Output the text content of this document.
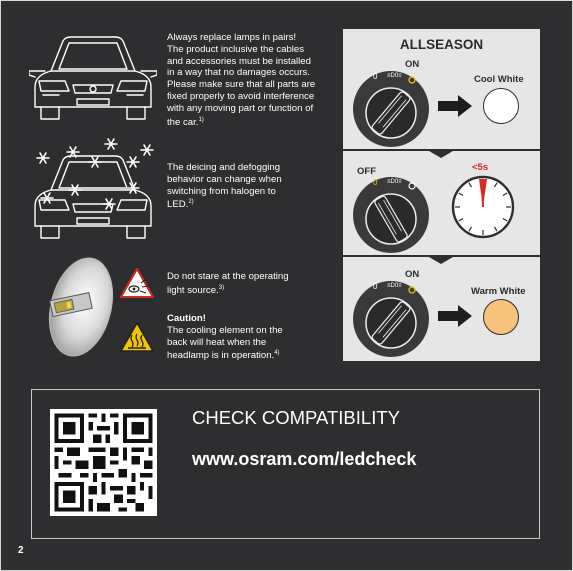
Always replace lamps in pairs!
The product inclusive the cables
and accessories must be installed
in a way that no damages occurs.
Please make sure that all parts are
fixed properly to avoid interference
with any moving part or function of
the car.$^{1)}$
The deicing and defogging
behavior can change when
switching from halogen to
LED.$^{2)}$
Do not stare at the operating
light source.$^{3)}$
Caution!
The cooling element on the
back will heat when the
headlamp is in operation.$^{4)}$
ALLSEASON
ON
0 ≡D0≡	Cool White
OFF
0 ≡D0≡
<5s
ON
0 ≡D0≡	Warm White
CHECK COMPATIBILITY
www.osram.com/ledcheck
2
